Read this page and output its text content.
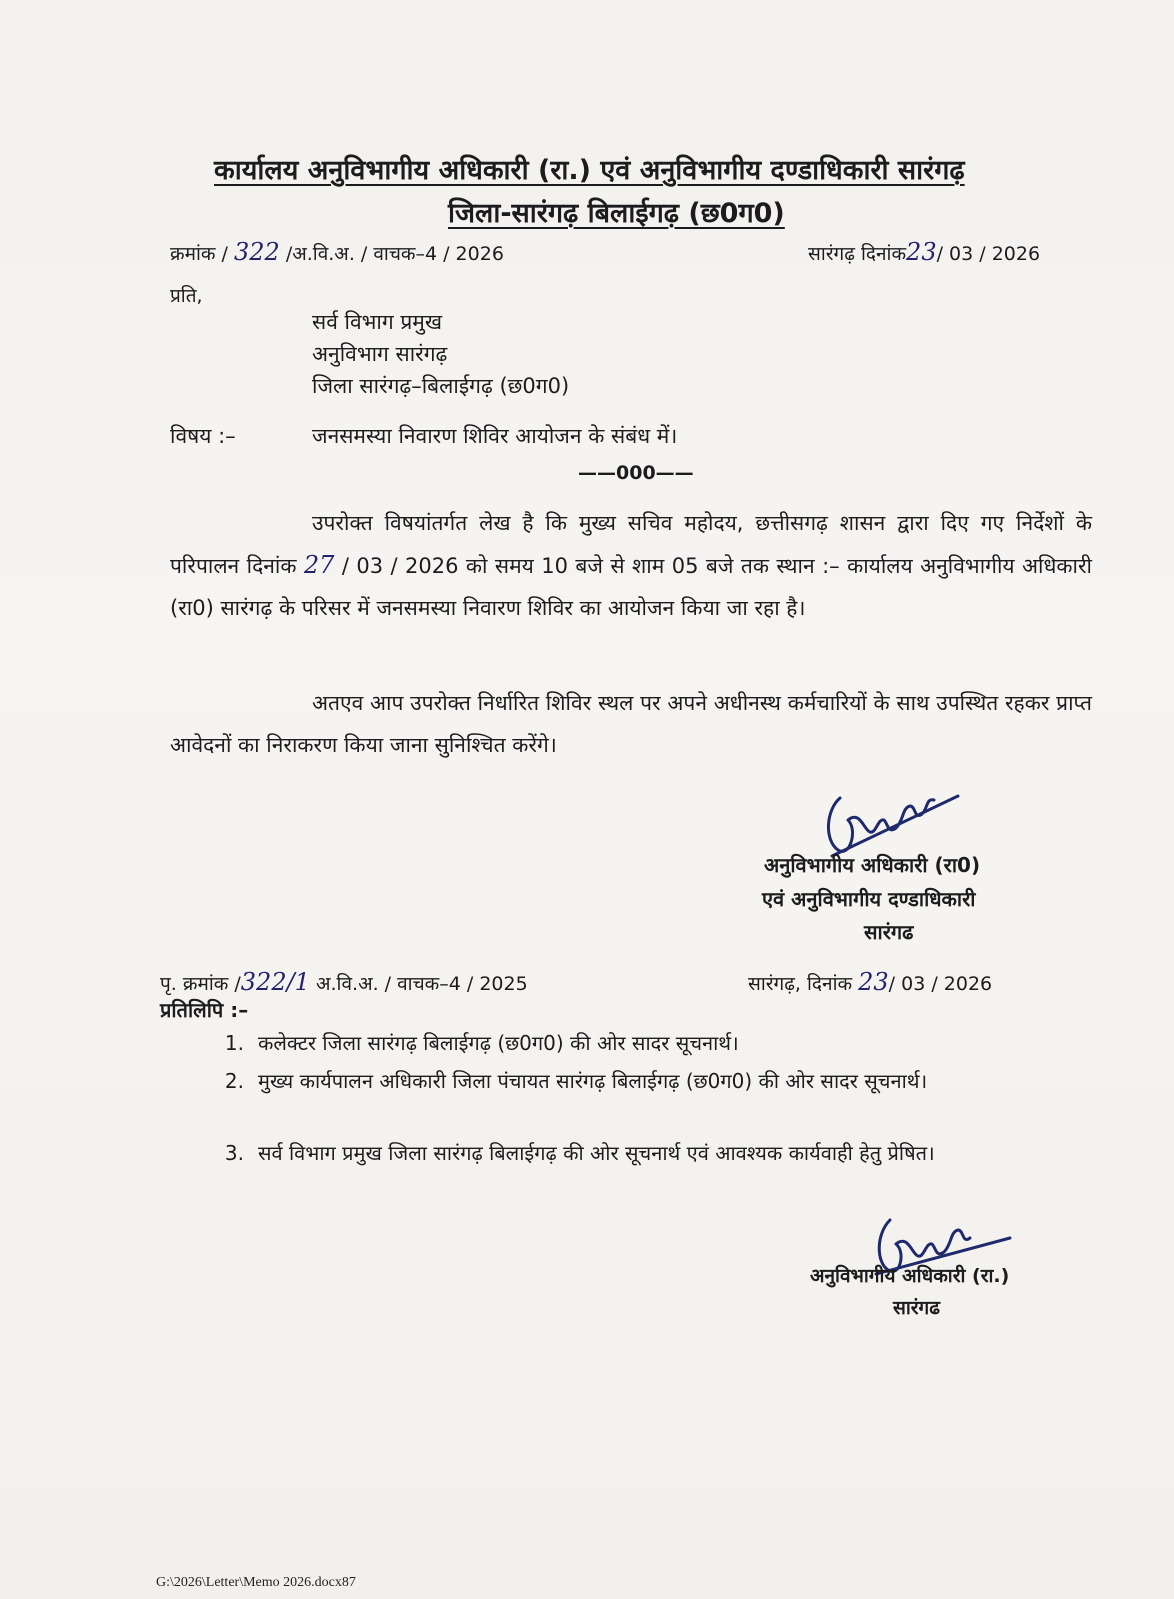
कार्यालय अनुविभागीय अधिकारी (रा.) एवं अनुविभागीय दण्डाधिकारी सारंगढ़
जिला-सारंगढ़ बिलाईगढ़ (छ0ग0)
क्रमांक / 322 /अ.वि.अ. / वाचक–4 / 2026	सारंगढ़ दिनांक23/ 03 / 2026
प्रति,
सर्व विभाग प्रमुख
अनुविभाग सारंगढ़
जिला सारंगढ़–बिलाईगढ़ (छ0ग0)
विषय :–	जनसमस्या निवारण शिविर आयोजन के संबंध में।
——000——
उपरोक्त विषयांतर्गत लेख है कि मुख्य सचिव महोदय, छत्तीसगढ़ शासन द्वारा दिए गए निर्देशों के परिपालन दिनांक 27 / 03 / 2026 को समय 10 बजे से शाम 05 बजे तक स्थान :– कार्यालय अनुविभागीय अधिकारी (रा0) सारंगढ़ के परिसर में जनसमस्या निवारण शिविर का आयोजन किया जा रहा है।
अतएव आप उपरोक्त निर्धारित शिविर स्थल पर अपने अधीनस्थ कर्मचारियों के साथ उपस्थित रहकर प्राप्त आवेदनों का निराकरण किया जाना सुनिश्चित करेंगे।
अनुविभागीय अधिकारी (रा0)
एवं अनुविभागीय दण्डाधिकारी
सारंगढ
पृ. क्रमांक /322/1 अ.वि.अ. / वाचक–4 / 2025	सारंगढ़, दिनांक 23/ 03 / 2026
प्रतिलिपि :–
1. कलेक्टर जिला सारंगढ़ बिलाईगढ़ (छ0ग0) की ओर सादर सूचनार्थ।
2. मुख्य कार्यपालन अधिकारी जिला पंचायत सारंगढ़ बिलाईगढ़ (छ0ग0) की ओर सादर सूचनार्थ।
3. सर्व विभाग प्रमुख जिला सारंगढ़ बिलाईगढ़ की ओर सूचनार्थ एवं आवश्यक कार्यवाही हेतु प्रेषित।
अनुविभागीय अधिकारी (रा.)
सारंगढ
G:\2026\Letter\Memo 2026.docx87
